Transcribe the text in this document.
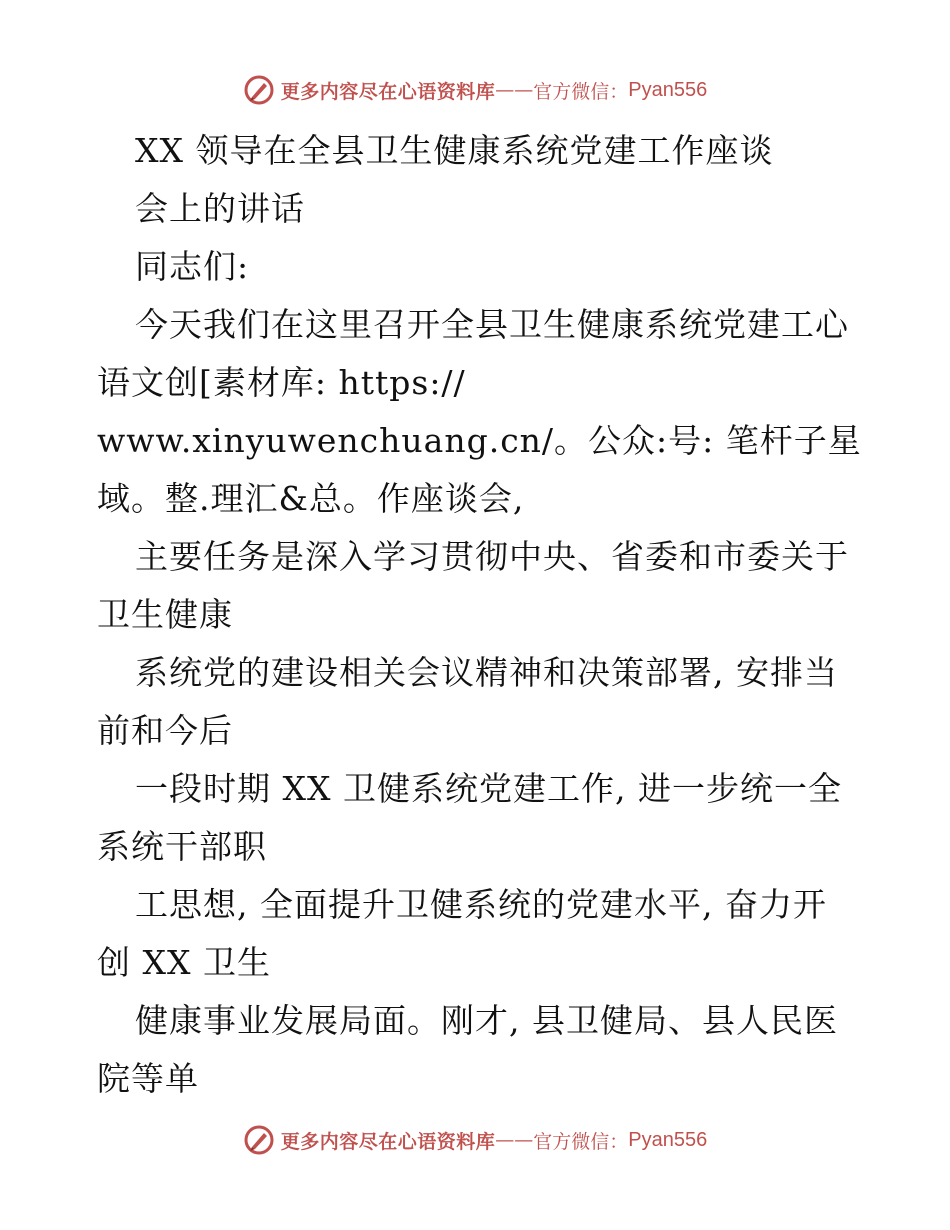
更多内容尽在心语资料库 —— 官方微信： Pyan556
XX 领导在全县卫生健康系统党建工作座谈
会上的讲话
同志们:
今天我们在这里召开全县卫生健康系统党建工心
语文创[素材库: https://
www.xinyuwenchuang.cn/。公众:号: 笔杆子星
域。整.理汇&总。作座谈会,
主要任务是深入学习贯彻中央、省委和市委关于
卫生健康
系统党的建设相关会议精神和决策部署, 安排当
前和今后
一段时期 XX 卫健系统党建工作, 进一步统一全
系统干部职
工思想, 全面提升卫健系统的党建水平, 奋力开
创 XX 卫生
健康事业发展局面。刚才, 县卫健局、县人民医
院等单
更多内容尽在心语资料库 —— 官方微信： Pyan556
